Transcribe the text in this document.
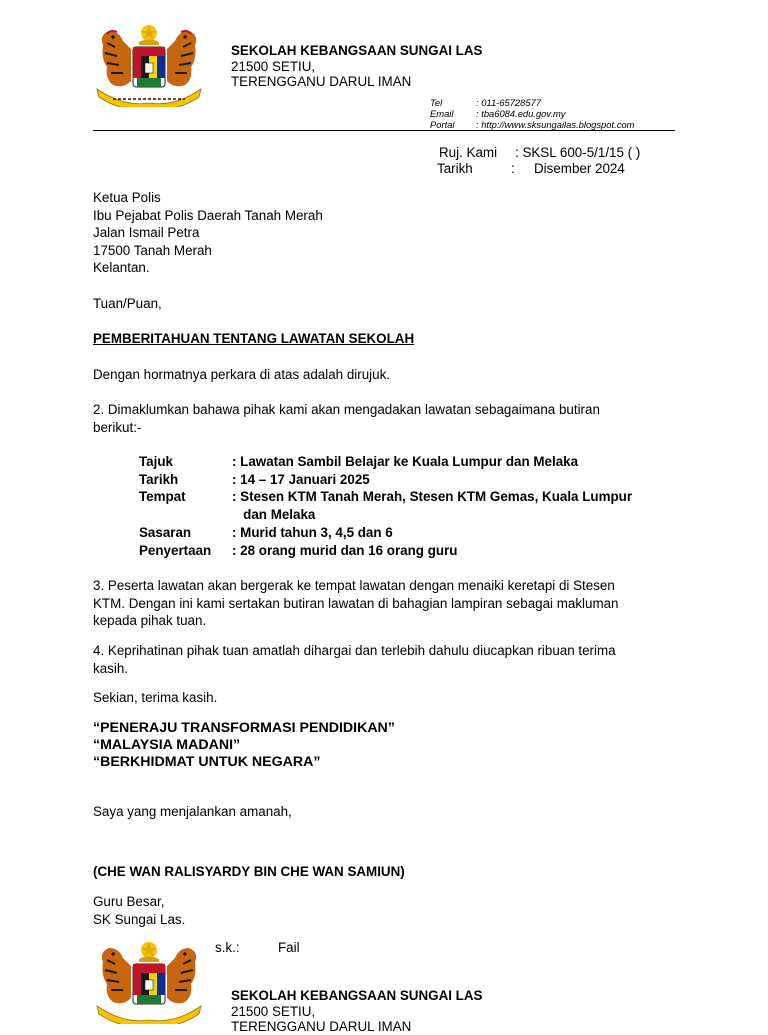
SEKOLAH KEBANGSAAN SUNGAI LAS
21500 SETIU,
TERENGGANU DARUL IMAN
Tel	: 011-65728577
Email : tba6084.edu.gov.my
Portal : http://www.sksungailas.blogspot.com
Ruj. Kami : SKSL 600-5/1/15 ( )
Tarikh	: Disember 2024
Ketua Polis
Ibu Pejabat Polis Daerah Tanah Merah
Jalan Ismail Petra
17500 Tanah Merah
Kelantan.
Tuan/Puan,
PEMBERITAHUAN TENTANG LAWATAN SEKOLAH
Dengan hormatnya perkara di atas adalah dirujuk.
2. Dimaklumkan bahawa pihak kami akan mengadakan lawatan sebagaimana butiran
berikut:-
Tajuk	: Lawatan Sambil Belajar ke Kuala Lumpur dan Melaka
Tarikh	: 14 – 17 Januari 2025
Tempat	: Stesen KTM Tanah Merah, Stesen KTM Gemas, Kuala Lumpur
dan Melaka
Sasaran	: Murid tahun 3, 4,5 dan 6
Penyertaan : 28 orang murid dan 16 orang guru
3. Peserta lawatan akan bergerak ke tempat lawatan dengan menaiki keretapi di Stesen
KTM. Dengan ini kami sertakan butiran lawatan di bahagian lampiran sebagai makluman
kepada pihak tuan.
4. Keprihatinan pihak tuan amatlah dihargai dan terlebih dahulu diucapkan ribuan terima
kasih.
Sekian, terima kasih.
“PENERAJU TRANSFORMASI PENDIDIKAN”
“MALAYSIA MADANI”
“BERKHIDMAT UNTUK NEGARA”
Saya yang menjalankan amanah,
(CHE WAN RALISYARDY BIN CHE WAN SAMIUN)
Guru Besar,
SK Sungai Las.
s.k.:	Fail
SEKOLAH KEBANGSAAN SUNGAI LAS
21500 SETIU,
TERENGGANU DARUL IMAN
